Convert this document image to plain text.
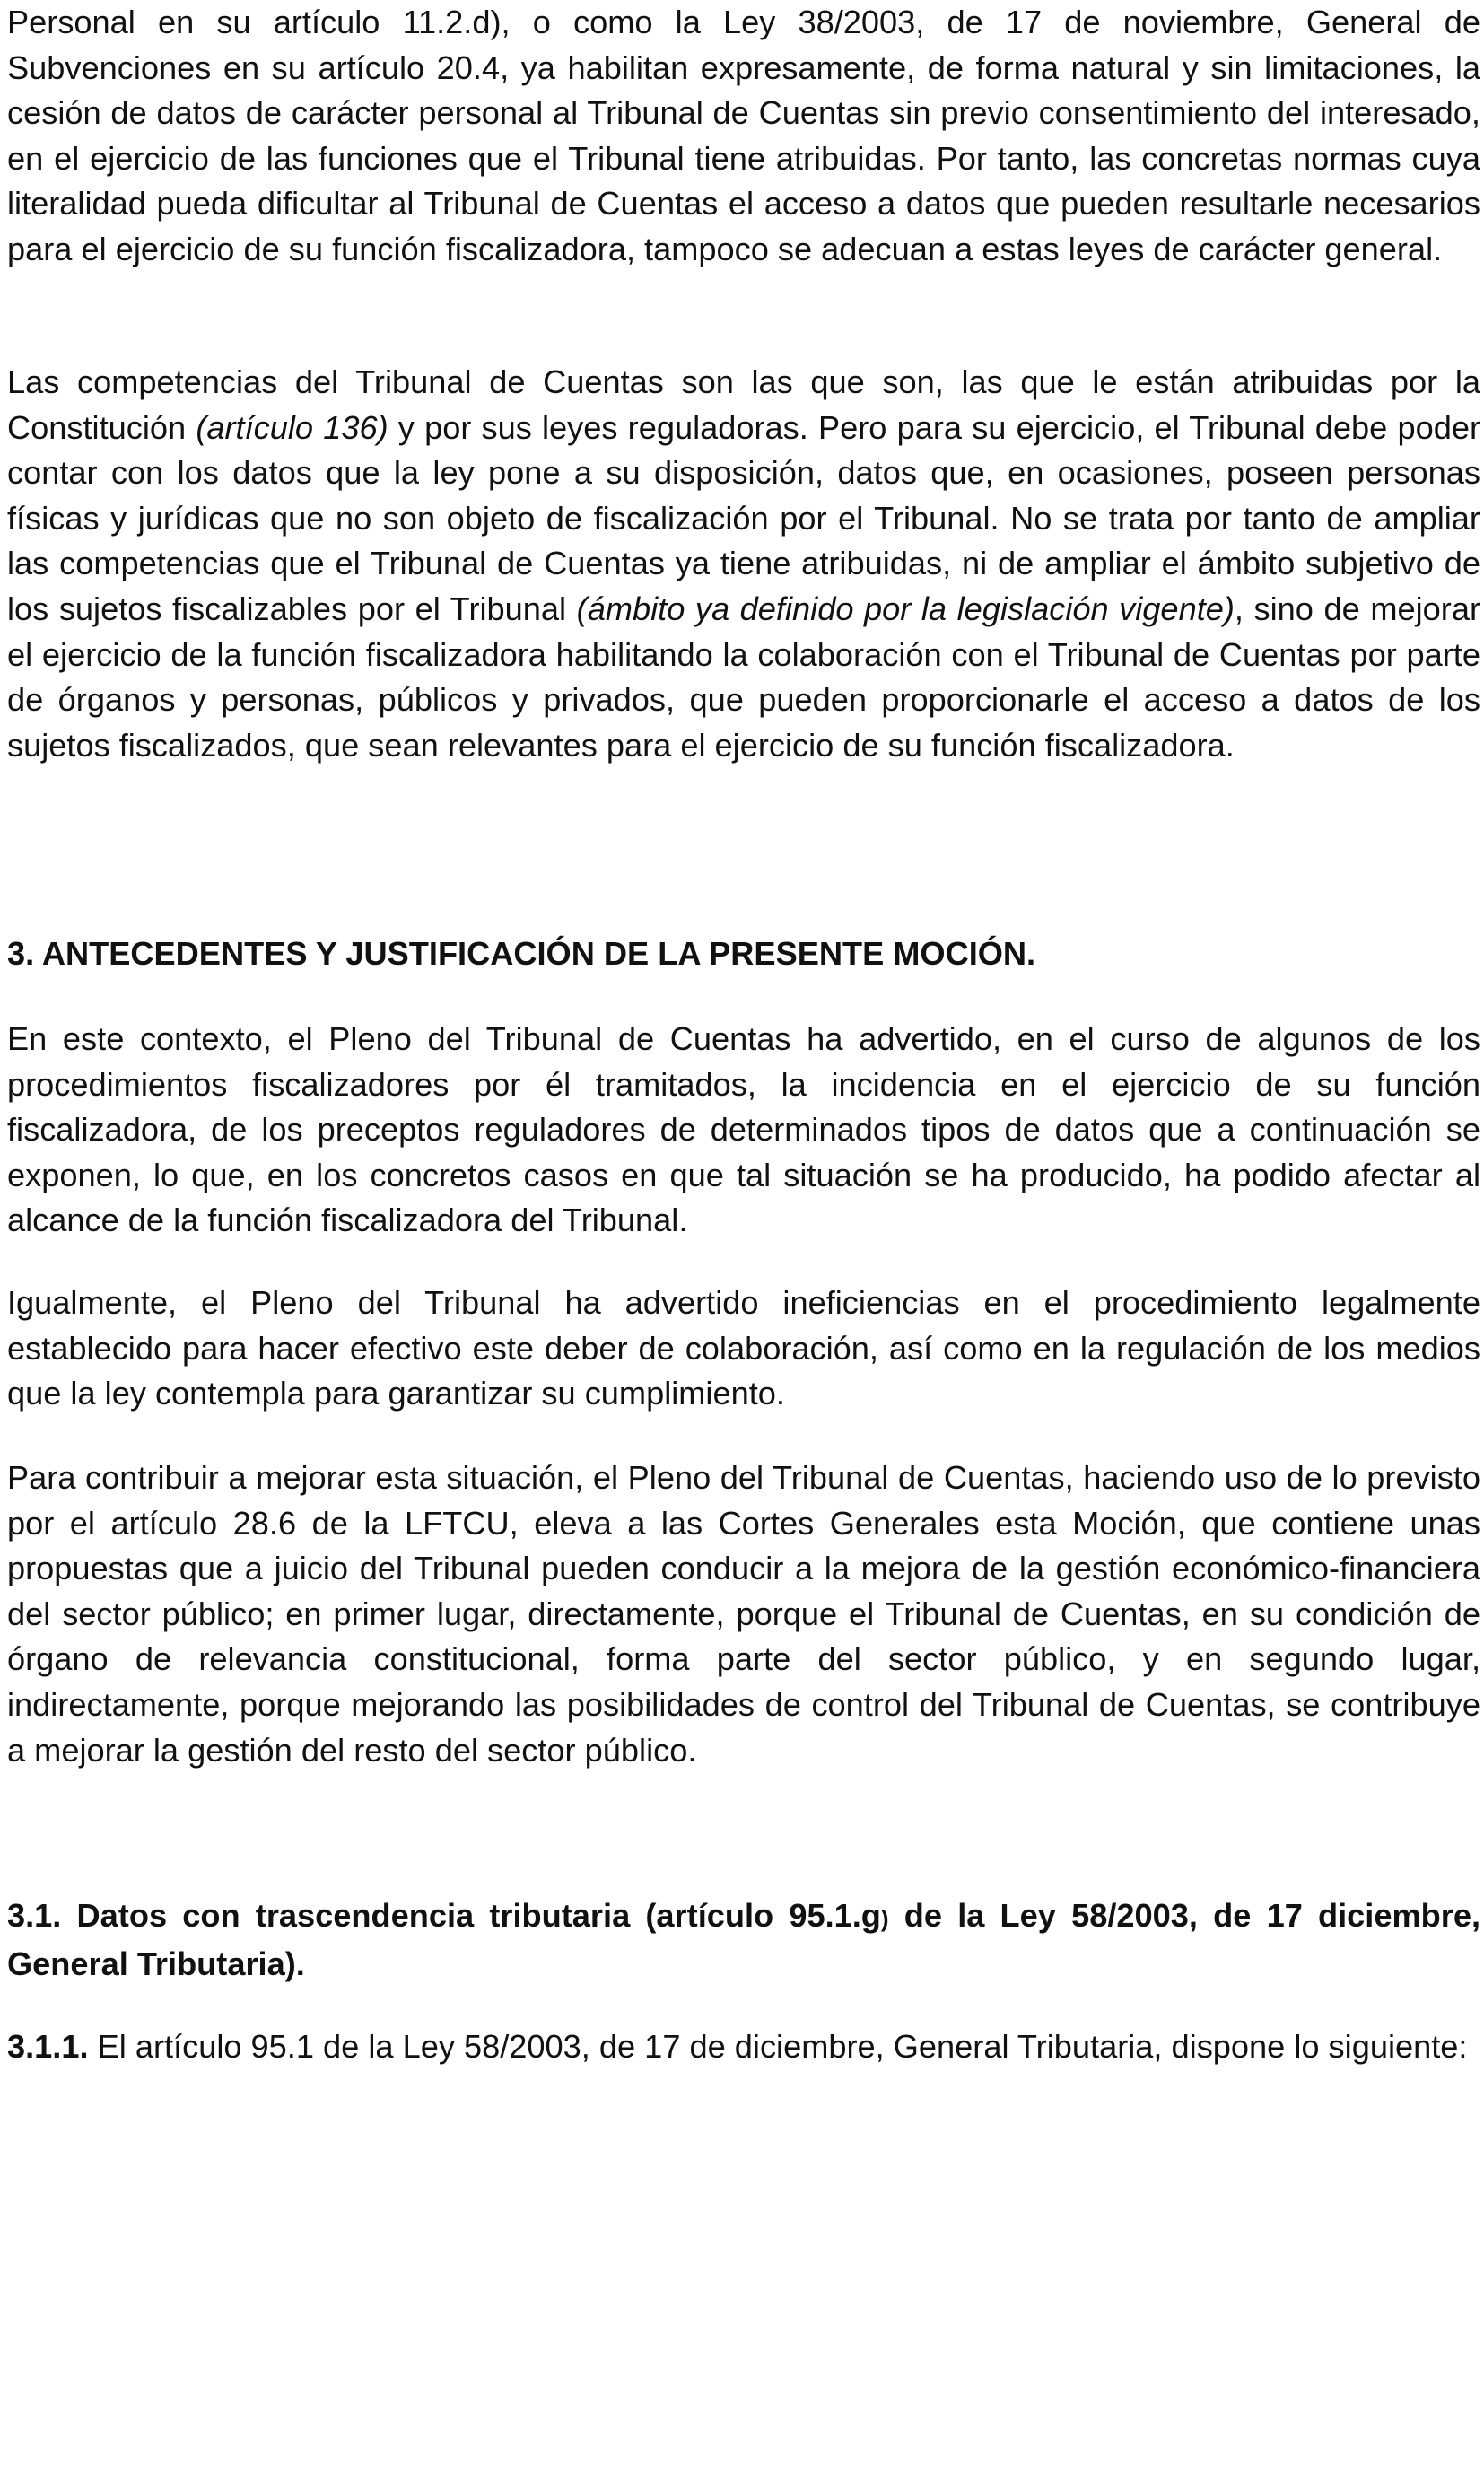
Personal en su artículo 11.2.d), o como la Ley 38/2003, de 17 de noviembre, General de Subvenciones en su artículo 20.4, ya habilitan expresamente, de forma natural y sin limitaciones, la cesión de datos de carácter personal al Tribunal de Cuentas sin previo consentimiento del interesado, en el ejercicio de las funciones que el Tribunal tiene atribuidas. Por tanto, las concretas normas cuya literalidad pueda dificultar al Tribunal de Cuentas el acceso a datos que pueden resultarle necesarios para el ejercicio de su función fiscalizadora, tampoco se adecuan a estas leyes de carácter general.

Las competencias del Tribunal de Cuentas son las que son, las que le están atribuidas por la Constitución (artículo 136) y por sus leyes reguladoras. Pero para su ejercicio, el Tribunal debe poder contar con los datos que la ley pone a su disposición, datos que, en ocasiones, poseen personas físicas y jurídicas que no son objeto de fiscalización por el Tribunal. No se trata por tanto de ampliar las competencias que el Tribunal de Cuentas ya tiene atribuidas, ni de ampliar el ámbito subjetivo de los sujetos fiscalizables por el Tribunal (ámbito ya definido por la legislación vigente), sino de mejorar el ejercicio de la función fiscalizadora habilitando la colaboración con el Tribunal de Cuentas por parte de órganos y personas, públicos y privados, que pueden proporcionarle el acceso a datos de los sujetos fiscalizados, que sean relevantes para el ejercicio de su función fiscalizadora.

3. ANTECEDENTES Y JUSTIFICACIÓN DE LA PRESENTE MOCIÓN.

En este contexto, el Pleno del Tribunal de Cuentas ha advertido, en el curso de algunos de los procedimientos fiscalizadores por él tramitados, la incidencia en el ejercicio de su función fiscalizadora, de los preceptos reguladores de determinados tipos de datos que a continuación se exponen, lo que, en los concretos casos en que tal situación se ha producido, ha podido afectar al alcance de la función fiscalizadora del Tribunal.

Igualmente, el Pleno del Tribunal ha advertido ineficiencias en el procedimiento legalmente establecido para hacer efectivo este deber de colaboración, así como en la regulación de los medios que la ley contempla para garantizar su cumplimiento.

Para contribuir a mejorar esta situación, el Pleno del Tribunal de Cuentas, haciendo uso de lo previsto por el artículo 28.6 de la LFTCU, eleva a las Cortes Generales esta Moción, que contiene unas propuestas que a juicio del Tribunal pueden conducir a la mejora de la gestión económico-financiera del sector público; en primer lugar, directamente, porque el Tribunal de Cuentas, en su condición de órgano de relevancia constitucional, forma parte del sector público, y en segundo lugar, indirectamente, porque mejorando las posibilidades de control del Tribunal de Cuentas, se contribuye a mejorar la gestión del resto del sector público.

3.1. Datos con trascendencia tributaria (artículo 95.1.g) de la Ley 58/2003, de 17 diciembre, General Tributaria).

3.1.1. El artículo 95.1 de la Ley 58/2003, de 17 de diciembre, General Tributaria, dispone lo siguiente:
